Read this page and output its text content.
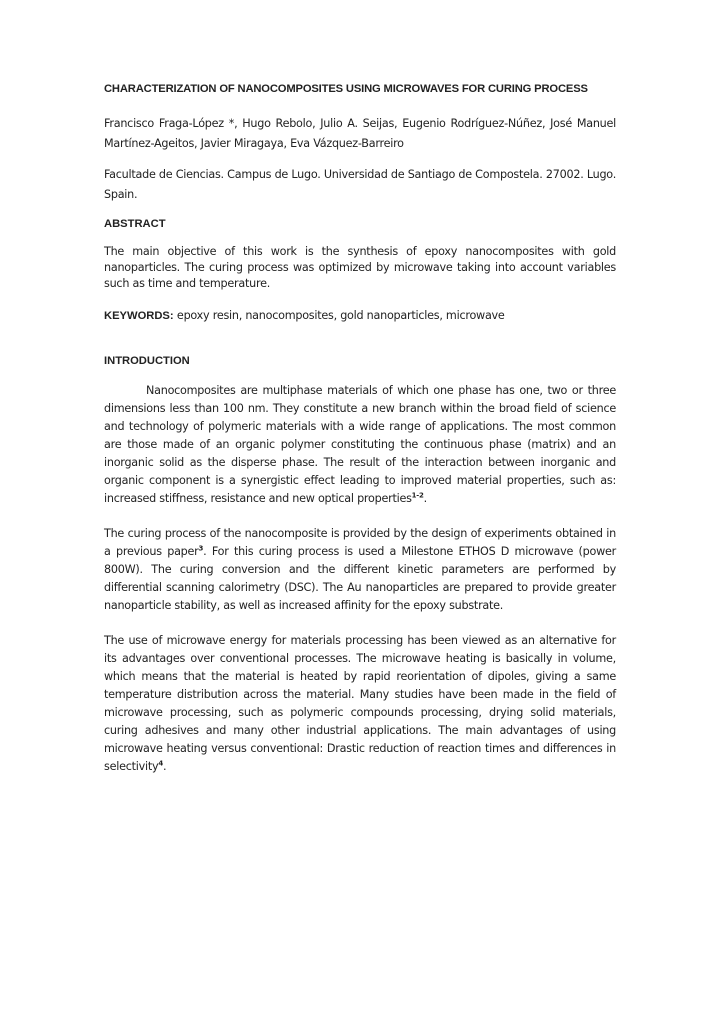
CHARACTERIZATION OF NANOCOMPOSITES USING MICROWAVES FOR CURING PROCESS

Francisco Fraga-López *, Hugo Rebolo, Julio A. Seijas, Eugenio Rodríguez-Núñez, José Manuel Martínez-Ageitos, Javier Miragaya, Eva Vázquez-Barreiro

Facultade de Ciencias. Campus de Lugo. Universidad de Santiago de Compostela. 27002. Lugo. Spain.

ABSTRACT

The main objective of this work is the synthesis of epoxy nanocomposites with gold nanoparticles. The curing process was optimized by microwave taking into account variables such as time and temperature.

KEYWORDS: epoxy resin, nanocomposites, gold nanoparticles, microwave

INTRODUCTION

Nanocomposites are multiphase materials of which one phase has one, two or three dimensions less than 100 nm. They constitute a new branch within the broad field of science and technology of polymeric materials with a wide range of applications. The most common are those made of an organic polymer constituting the continuous phase (matrix) and an inorganic solid as the disperse phase. The result of the interaction between inorganic and organic component is a synergistic effect leading to improved material properties, such as: increased stiffness, resistance and new optical properties$^{1-2}$.

The curing process of the nanocomposite is provided by the design of experiments obtained in a previous paper$^3$. For this curing process is used a Milestone ETHOS D microwave (power 800W). The curing conversion and the different kinetic parameters are performed by differential scanning calorimetry (DSC). The Au nanoparticles are prepared to provide greater nanoparticle stability, as well as increased affinity for the epoxy substrate.

The use of microwave energy for materials processing has been viewed as an alternative for its advantages over conventional processes. The microwave heating is basically in volume, which means that the material is heated by rapid reorientation of dipoles, giving a same temperature distribution across the material. Many studies have been made in the field of microwave processing, such as polymeric compounds processing, drying solid materials, curing adhesives and many other industrial applications. The main advantages of using microwave heating versus conventional: Drastic reduction of reaction times and differences in selectivity$^4$.
